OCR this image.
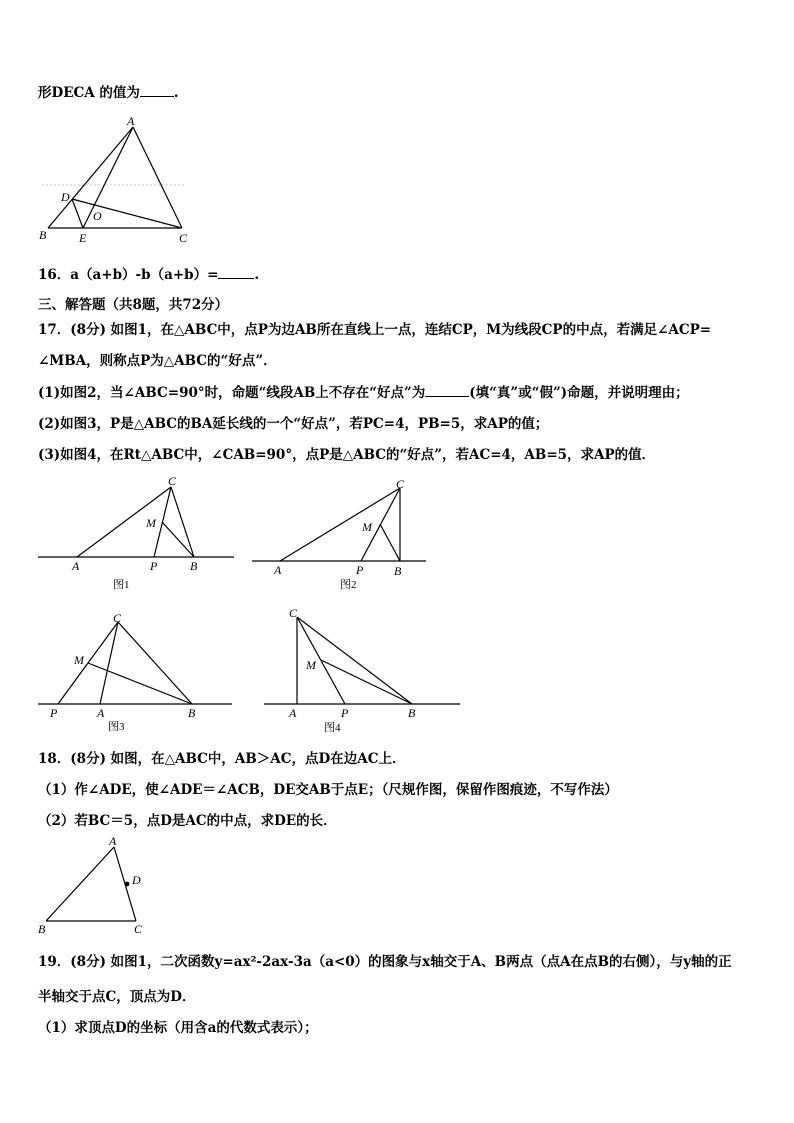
形DECA 的值为	.
A
B	C
D
E
O
16．a（a+b）-b（a+b）=	.
三、解答题（共8题，共72分）
17．(8分) 如图1，在△ABC中，点P为边AB所在直线上一点，连结CP，M为线段CP的中点，若满足∠ACP=
∠MBA，则称点P为△ABC的“好点”．
(1)如图2，当∠ABC=90°时，命题“线段AB上不存在“好点”为	(填“真”或“假”)命题，并说明理由；
(2)如图3，P是△ABC的BA延长线的一个“好点”，若PC=4，PB=5，求AP的值；
(3)如图4，在Rt△ABC中，∠CAB=90°，点P是△ABC的“好点”，若AC=4，AB=5，求AP的值．
C
M
A	P	B
图1
C
M
A	P	B
图2
C
M
P	A	B
图3
C
M
A	P	B
图4
18．(8分) 如图，在△ABC中，AB＞AC，点D在边AC上．
（1）作∠ADE，使∠ADE＝∠ACB，DE交AB于点E；（尺规作图，保留作图痕迹，不写作法）
（2）若BC＝5，点D是AC的中点，求DE的长．
A
D
B	C
19．(8分) 如图1，二次函数y=ax²-2ax-3a（a<0）的图象与x轴交于A、B两点（点A在点B的右侧），与y轴的正
半轴交于点C，顶点为D．
（1）求顶点D的坐标（用含a的代数式表示）；
